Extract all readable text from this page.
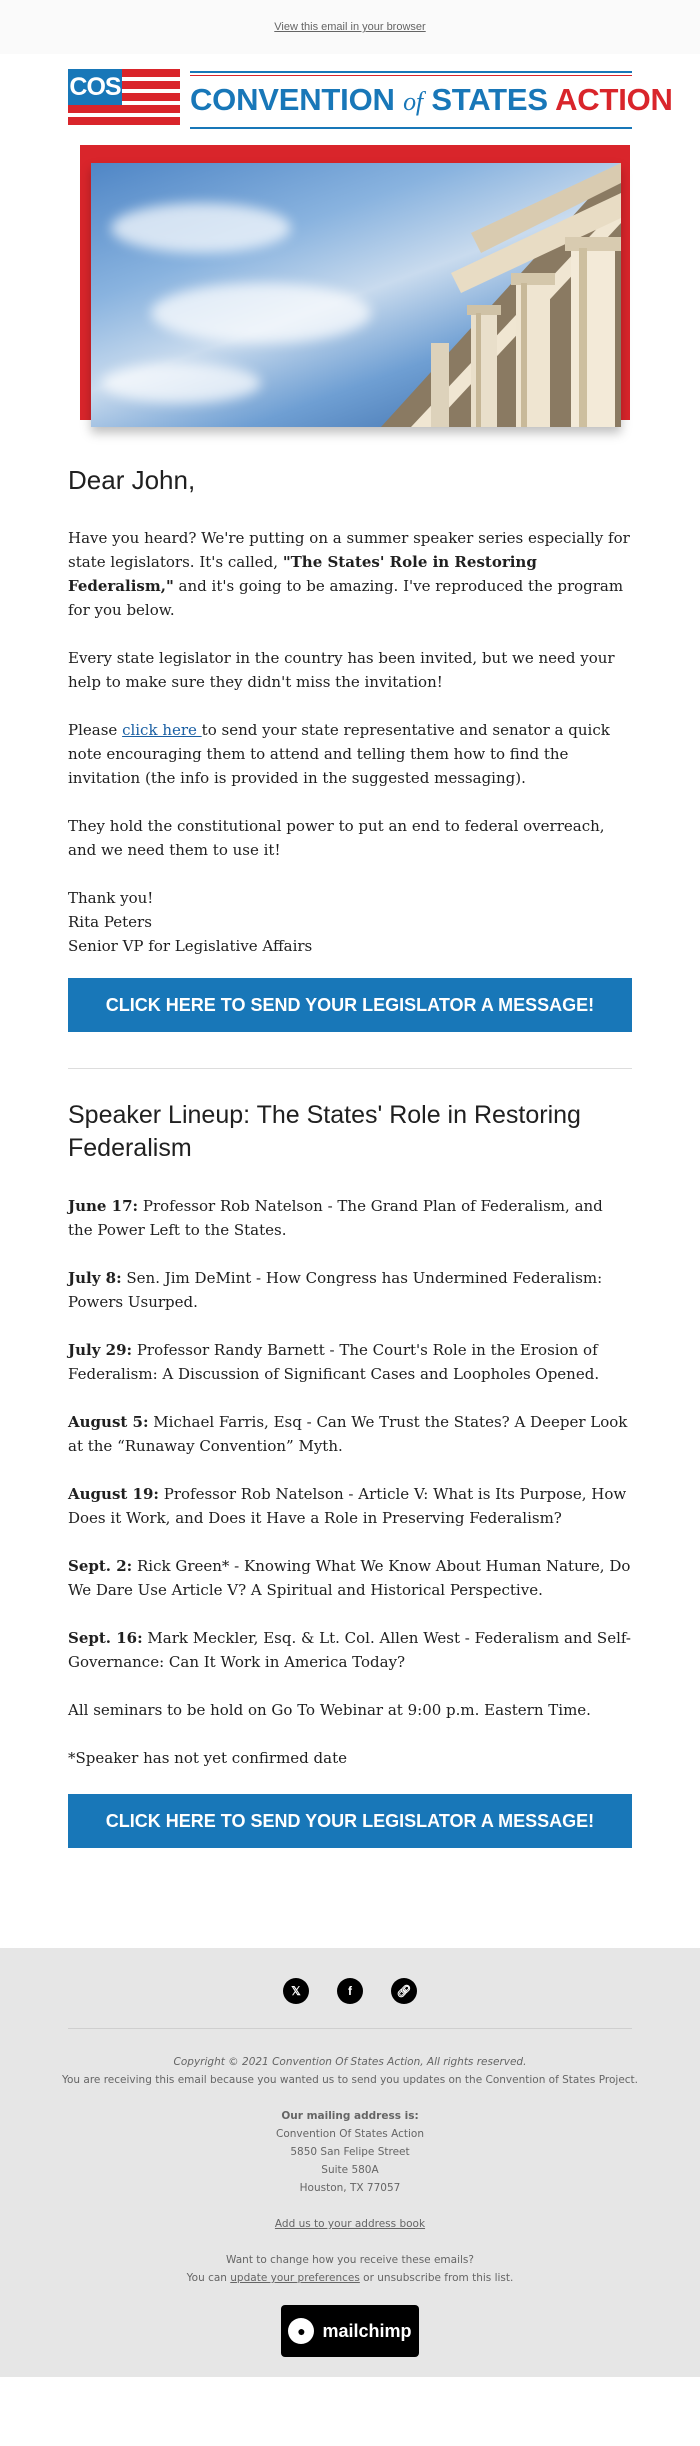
View this email in your browser
COS CONVENTION of STATES ACTION
Dear John,

Have you heard? We're putting on a summer speaker series especially for state legislators. It's called, "The States' Role in Restoring Federalism," and it's going to be amazing. I've reproduced the program for you below.

Every state legislator in the country has been invited, but we need your help to make sure they didn't miss the invitation!

Please click here to send your state representative and senator a quick note encouraging them to attend and telling them how to find the invitation (the info is provided in the suggested messaging).

They hold the constitutional power to put an end to federal overreach, and we need them to use it!

Thank you!
Rita Peters
Senior VP for Legislative Affairs

CLICK HERE TO SEND YOUR LEGISLATOR A MESSAGE!
Speaker Lineup: The States' Role in Restoring Federalism

June 17: Professor Rob Natelson - The Grand Plan of Federalism, and the Power Left to the States.

July 8: Sen. Jim DeMint - How Congress has Undermined Federalism: Powers Usurped.

July 29: Professor Randy Barnett - The Court's Role in the Erosion of Federalism: A Discussion of Significant Cases and Loopholes Opened.

August 5: Michael Farris, Esq - Can We Trust the States? A Deeper Look at the “Runaway Convention” Myth.

August 19: Professor Rob Natelson - Article V: What is Its Purpose, How Does it Work, and Does it Have a Role in Preserving Federalism?

Sept. 2: Rick Green* - Knowing What We Know About Human Nature, Do We Dare Use Article V? A Spiritual and Historical Perspective.

Sept. 16: Mark Meckler, Esq. & Lt. Col. Allen West - Federalism and Self-Governance: Can It Work in America Today?

All seminars to be hold on Go To Webinar at 9:00 p.m. Eastern Time.

*Speaker has not yet confirmed date

CLICK HERE TO SEND YOUR LEGISLATOR A MESSAGE!
𝕏	f	🔗︎
Copyright © 2021 Convention Of States Action, All rights reserved.
You are receiving this email because you wanted us to send you updates on the Convention of States Project.
Our mailing address is:
Convention Of States Action
5850 San Felipe Street
Suite 580A
Houston, TX 77057
Add us to your address book
Want to change how you receive these emails?
You can update your preferences or unsubscribe from this list.
● mailchimp
